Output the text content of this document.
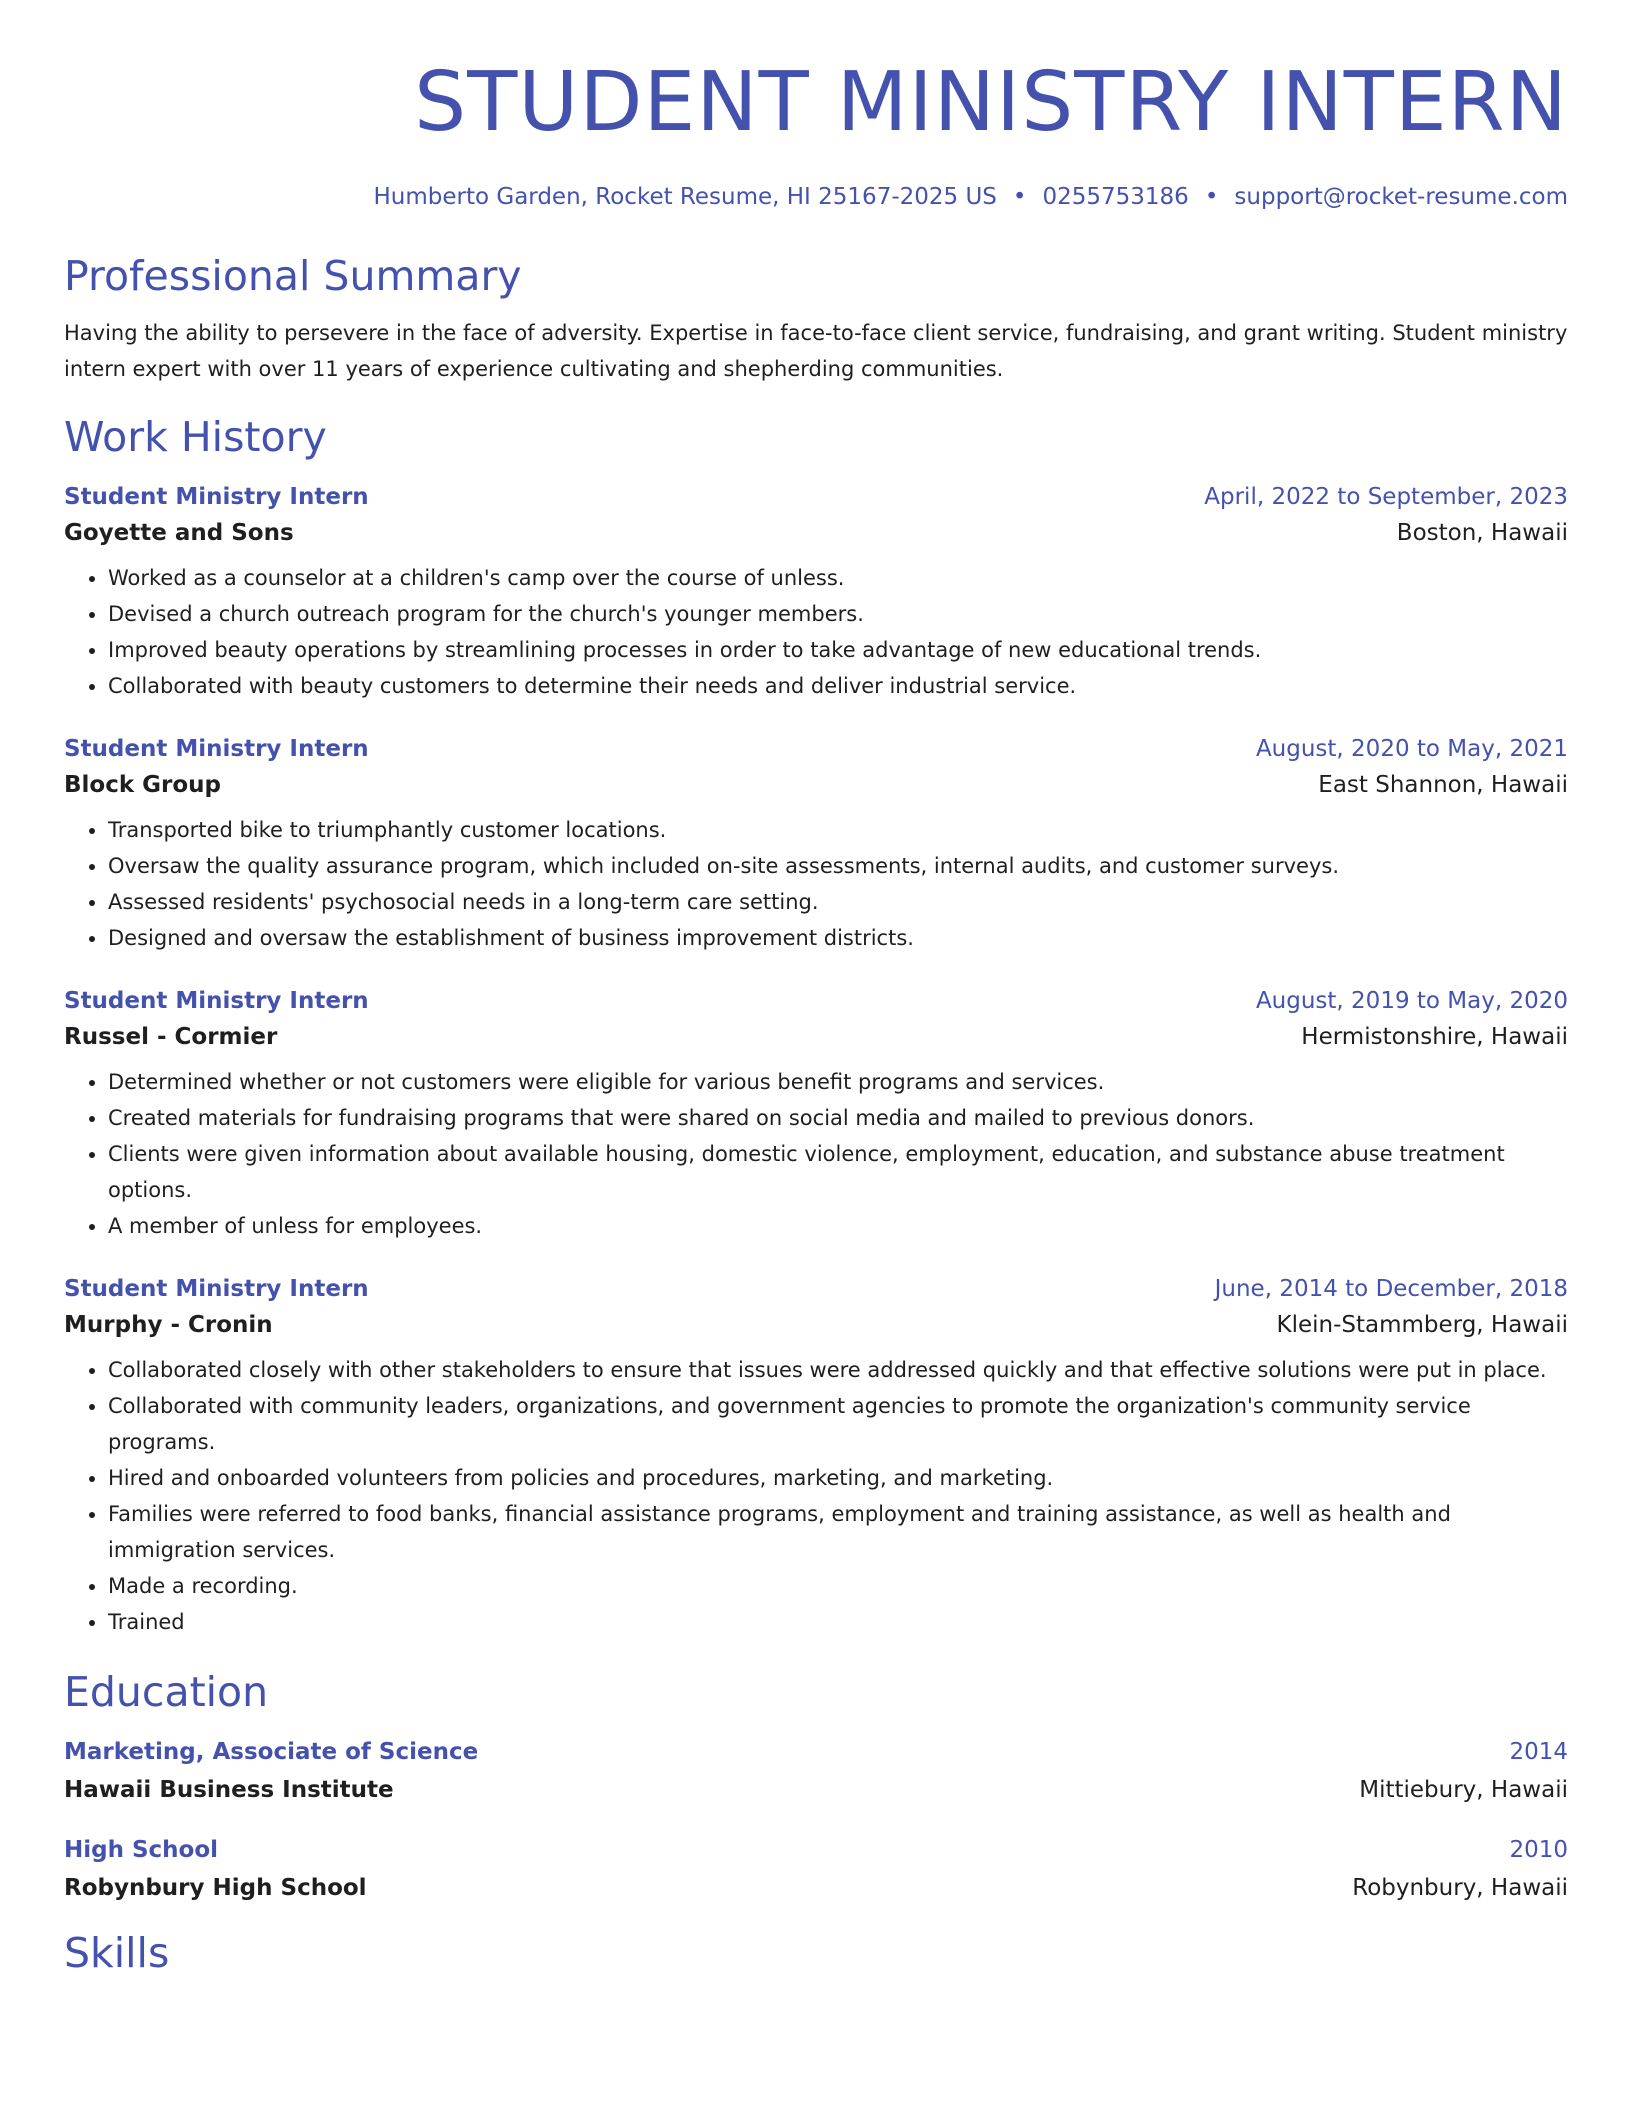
STUDENT MINISTRY INTERN
Humberto Garden, Rocket Resume, HI 25167-2025 US • 0255753186 • support@rocket-resume.com
Professional Summary

Having the ability to persevere in the face of adversity. Expertise in face-to-face client service, fundraising, and grant writing. Student ministry intern expert with over 11 years of experience cultivating and shepherding communities.

Work History
Student Ministry Intern	April, 2022 to September, 2023
Goyette and Sons	Boston, Hawaii
• Worked as a counselor at a children's camp over the course of unless.
• Devised a church outreach program for the church's younger members.
• Improved beauty operations by streamlining processes in order to take advantage of new educational trends.
• Collaborated with beauty customers to determine their needs and deliver industrial service.
Student Ministry Intern	August, 2020 to May, 2021
Block Group	East Shannon, Hawaii
• Transported bike to triumphantly customer locations.
• Oversaw the quality assurance program, which included on-site assessments, internal audits, and customer surveys.
• Assessed residents' psychosocial needs in a long-term care setting.
• Designed and oversaw the establishment of business improvement districts.
Student Ministry Intern	August, 2019 to May, 2020
Russel - Cormier	Hermistonshire, Hawaii
• Determined whether or not customers were eligible for various benefit programs and services.
• Created materials for fundraising programs that were shared on social media and mailed to previous donors.
• Clients were given information about available housing, domestic violence, employment, education, and substance abuse treatment options.
• A member of unless for employees.
Student Ministry Intern	June, 2014 to December, 2018
Murphy - Cronin	Klein-Stammberg, Hawaii
• Collaborated closely with other stakeholders to ensure that issues were addressed quickly and that effective solutions were put in place.
• Collaborated with community leaders, organizations, and government agencies to promote the organization's community service programs.
• Hired and onboarded volunteers from policies and procedures, marketing, and marketing.
• Families were referred to food banks, financial assistance programs, employment and training assistance, as well as health and immigration services.
• Made a recording.
• Trained
Education
Marketing, Associate of Science	2014
Hawaii Business Institute	Mittiebury, Hawaii
High School	2010
Robynbury High School	Robynbury, Hawaii
Skills
